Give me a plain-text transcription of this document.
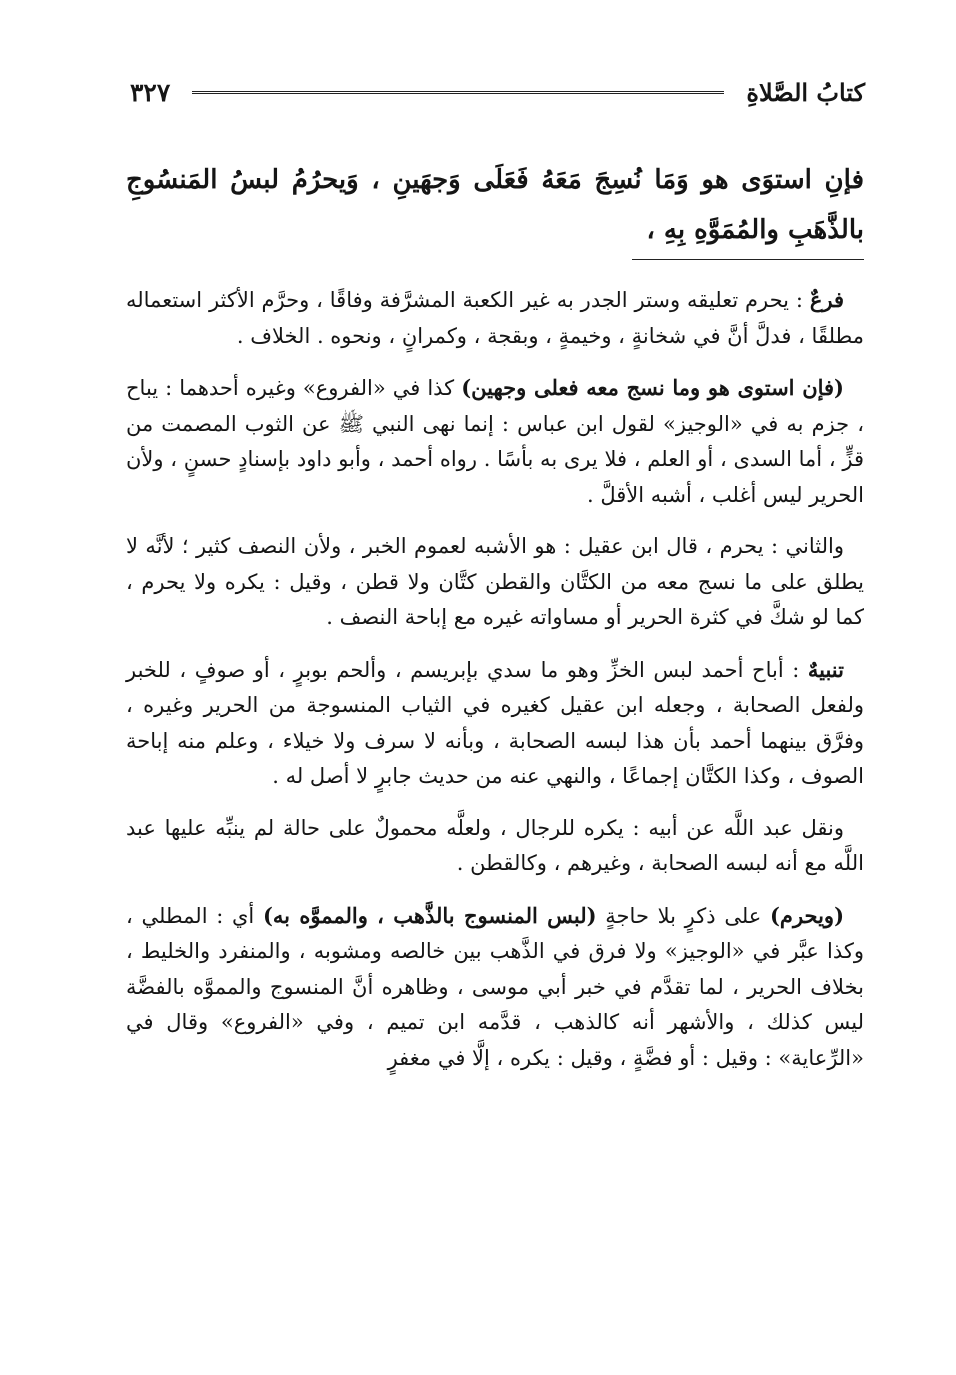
كتابُ الصَّلاةِ
٣٢٧
فإنِ استوَى هو وَمَا نُسِجَ مَعَهُ فَعَلَى وَجهَينِ ، وَيحرُمُ لبسُ المَنسُوجِ بالذَّهَبِ والمُمَوَّهِ بِهِ ،

فرعٌ : يحرم تعليقه وستر الجدر به غير الكعبة المشرَّفة وفاقًا ، وحرَّم الأكثر استعماله مطلقًا ، فدلَّ أنَّ في شخانةٍ ، وخيمةٍ ، وبقجة ، وكمرانٍ ، ونحوه . الخلاف .

(فإن استوى هو وما نسج معه فعلى وجهين) كذا في «الفروع» وغيره أحدهما : يباح ، جزم به في «الوجيز» لقول ابن عباس : إنما نهى النبي ﷺ عن الثوب المصمت من قزٍّ ، أما السدى ، أو العلم ، فلا يرى به بأسًا . رواه أحمد ، وأبو داود بإسنادٍ حسنٍ ، ولأن الحرير ليس أغلب ، أشبه الأقلَّ .

والثاني : يحرم ، قال ابن عقيل : هو الأشبه لعموم الخبر ، ولأن النصف كثير ؛ لأنَّه لا يطلق على ما نسج معه من الكتَّان والقطن كتَّان ولا قطن ، وقيل : يكره ولا يحرم ، كما لو شكَّ في كثرة الحرير أو مساواته غيره مع إباحة النصف .

تنبيهٌ : أباح أحمد لبس الخزِّ وهو ما سدي بإبريسم ، وألحم بوبرٍ ، أو صوفٍ ، للخبر ولفعل الصحابة ، وجعله ابن عقيل كغيره في الثياب المنسوجة من الحرير وغيره ، وفرَّق بينهما أحمد بأن هذا لبسه الصحابة ، وبأنه لا سرف ولا خيلاء ، وعلم منه إباحة الصوف ، وكذا الكتَّان إجماعًا ، والنهي عنه من حديث جابرٍ لا أصل له .

ونقل عبد اللَّه عن أبيه : يكره للرجال ، ولعلَّه محمولٌ على حالة لم ينبِّه عليها عبد اللَّه مع أنه لبسه الصحابة ، وغيرهم ، وكالقطن .

(ويحرم) على ذكرٍ بلا حاجةٍ (لبس المنسوج بالذَّهب ، والمموَّه به) أي : المطلي ، وكذا عبَّر في «الوجيز» ولا فرق في الذَّهب بين خالصه ومشوبه ، والمنفرد والخليط ، بخلاف الحرير ، لما تقدَّم في خبر أبي موسى ، وظاهره أنَّ المنسوج والمموَّه بالفضَّة ليس كذلك ، والأشهر أنه كالذهب ، قدَّمه ابن تميم ، وفي «الفروع» وقال في «الرِّعاية» : وقيل : أو فضَّةٍ ، وقيل : يكره ، إلَّا في مغفرٍ
